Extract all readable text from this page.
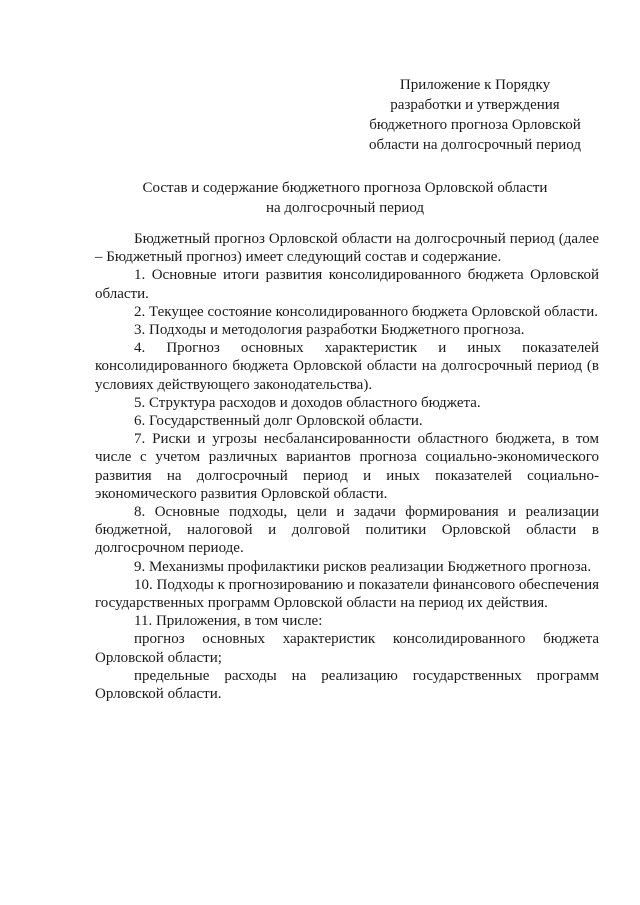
Приложение к Порядку
разработки и утверждения
бюджетного прогноза Орловской
области на долгосрочный период
Состав и содержание бюджетного прогноза Орловской области
на долгосрочный период

Бюджетный прогноз Орловской области на долгосрочный период (далее – Бюджетный прогноз) имеет следующий состав и содержание.

1. Основные итоги развития консолидированного бюджета Орловской области.

2. Текущее состояние консолидированного бюджета Орловской области.

3. Подходы и методология разработки Бюджетного прогноза.

4. Прогноз основных характеристик и иных показателей консолидированного бюджета Орловской области на долгосрочный период (в условиях действующего законодательства).

5. Структура расходов и доходов областного бюджета.

6. Государственный долг Орловской области.

7. Риски и угрозы несбалансированности областного бюджета, в том числе с учетом различных вариантов прогноза социально-экономического развития на долгосрочный период и иных показателей социально-экономического развития Орловской области.

8. Основные подходы, цели и задачи формирования и реализации бюджетной, налоговой и долговой политики Орловской области в долгосрочном периоде.

9. Механизмы профилактики рисков реализации Бюджетного прогноза.

10. Подходы к прогнозированию и показатели финансового обеспечения государственных программ Орловской области на период их действия.

11. Приложения, в том числе:

прогноз основных характеристик консолидированного бюджета Орловской области;

предельные расходы на реализацию государственных программ Орловской области.
